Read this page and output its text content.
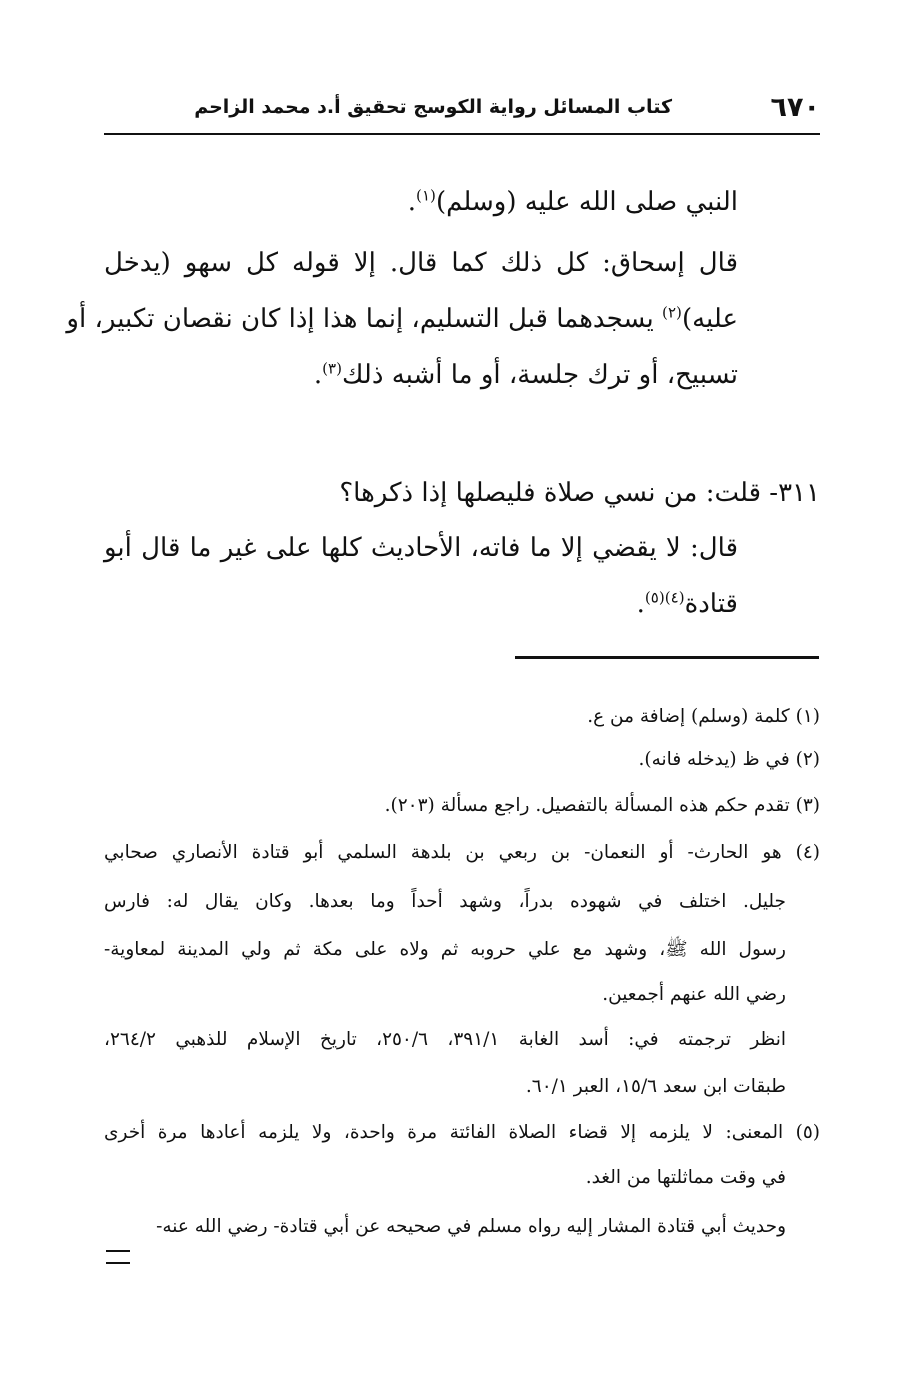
٦٧٠
كتاب المسائل رواية الكوسج تحقيق أ.د محمد الزاحم
النبي صلى الله عليه (وسلم)$^{(١)}$.
قال إسحاق: كل ذلك كما قال. إلا قوله كل سهو (يدخل
عليه)$^{(٢)}$ يسجدهما قبل التسليم، إنما هذا إذا كان نقصان تكبير، أو
تسبيح، أو ترك جلسة، أو ما أشبه ذلك$^{(٣)}$.
٣١١- قلت: من نسي صلاة فليصلها إذا ذكرها؟
قال: لا يقضي إلا ما فاته، الأحاديث كلها على غير ما قال أبو
قتادة$^{(٤)(٥)}$.
(١) كلمة (وسلم) إضافة من ع.
(٢) في ظ (يدخله فانه).
(٣) تقدم حكم هذه المسألة بالتفصيل. راجع مسألة (٢٠٣).
(٤) هو الحارث- أو النعمان- بن ربعي بن بلدهة السلمي أبو قتادة الأنصاري صحابي
جليل. اختلف في شهوده بدراً، وشهد أحداً وما بعدها. وكان يقال له: فارس
رسول الله ﷺ، وشهد مع علي حروبه ثم ولاه على مكة ثم ولي المدينة لمعاوية-
رضي الله عنهم أجمعين.
انظر ترجمته في: أسد الغابة ٣٩١/١، ٢٥٠/٦، تاريخ الإسلام للذهبي ٢٦٤/٢،
طبقات ابن سعد ١٥/٦، العبر ٦٠/١.
(٥) المعنى: لا يلزمه إلا قضاء الصلاة الفائتة مرة واحدة، ولا يلزمه أعادها مرة أخرى
في وقت مماثلتها من الغد.
وحديث أبي قتادة المشار إليه رواه مسلم في صحيحه عن أبي قتادة- رضي الله عنه-
